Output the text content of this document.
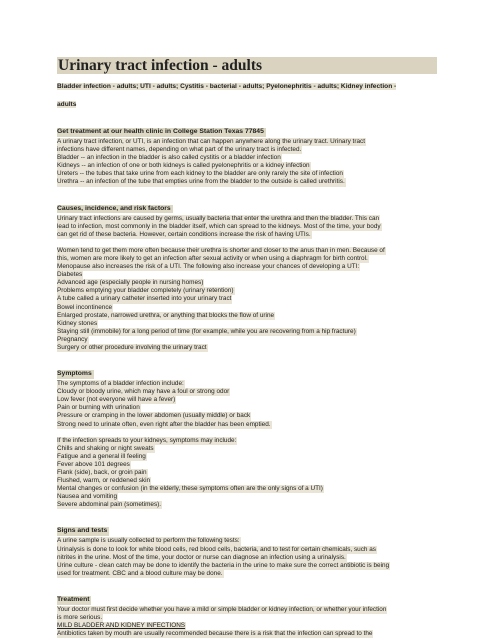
Urinary tract infection - adults

Bladder infection - adults; UTI - adults; Cystitis - bacterial - adults; Pyelonephritis - adults; Kidney infection -

adults

Get treatment at our health clinic in College Station Texas 77845

A urinary tract infection, or UTI, is an infection that can happen anywhere along the urinary tract. Urinary tract

infections have different names, depending on what part of the urinary tract is infected.

Bladder -- an infection in the bladder is also called cystitis or a bladder infection

Kidneys -- an infection of one or both kidneys is called pyelonephritis or a kidney infection

Ureters -- the tubes that take urine from each kidney to the bladder are only rarely the site of infection

Urethra -- an infection of the tube that empties urine from the bladder to the outside is called urethritis.

Causes, incidence, and risk factors

Urinary tract infections are caused by germs, usually bacteria that enter the urethra and then the bladder. This can

lead to infection, most commonly in the bladder itself, which can spread to the kidneys. Most of the time, your body

can get rid of these bacteria. However, certain conditions increase the risk of having UTIs.

Women tend to get them more often because their urethra is shorter and closer to the anus than in men. Because of

this, women are more likely to get an infection after sexual activity or when using a diaphragm for birth control.

Menopause also increases the risk of a UTI. The following also increase your chances of developing a UTI:

Diabetes

Advanced age (especially people in nursing homes)

Problems emptying your bladder completely (urinary retention)

A tube called a urinary catheter inserted into your urinary tract

Bowel incontinence

Enlarged prostate, narrowed urethra, or anything that blocks the flow of urine

Kidney stones

Staying still (immobile) for a long period of time (for example, while you are recovering from a hip fracture)

Pregnancy

Surgery or other procedure involving the urinary tract

Symptoms

The symptoms of a bladder infection include:

Cloudy or bloody urine, which may have a foul or strong odor

Low fever (not everyone will have a fever)

Pain or burning with urination

Pressure or cramping in the lower abdomen (usually middle) or back

Strong need to urinate often, even right after the bladder has been emptied.

If the infection spreads to your kidneys, symptoms may include:

Chills and shaking or night sweats

Fatigue and a general ill feeling

Fever above 101 degrees

Flank (side), back, or groin pain

Flushed, warm, or reddened skin

Mental changes or confusion (in the elderly, these symptoms often are the only signs of a UTI)

Nausea and vomiting

Severe abdominal pain (sometimes).

Signs and tests

A urine sample is usually collected to perform the following tests:

Urinalysis is done to look for white blood cells, red blood cells, bacteria, and to test for certain chemicals, such as

nitrites in the urine. Most of the time, your doctor or nurse can diagnose an infection using a urinalysis.

Urine culture - clean catch may be done to identify the bacteria in the urine to make sure the correct antibiotic is being

used for treatment. CBC and a blood culture may be done.

Treatment

Your doctor must first decide whether you have a mild or simple bladder or kidney infection, or whether your infection

is more serious.

MILD BLADDER AND KIDNEY INFECTIONS

Antibiotics taken by mouth are usually recommended because there is a risk that the infection can spread to the
